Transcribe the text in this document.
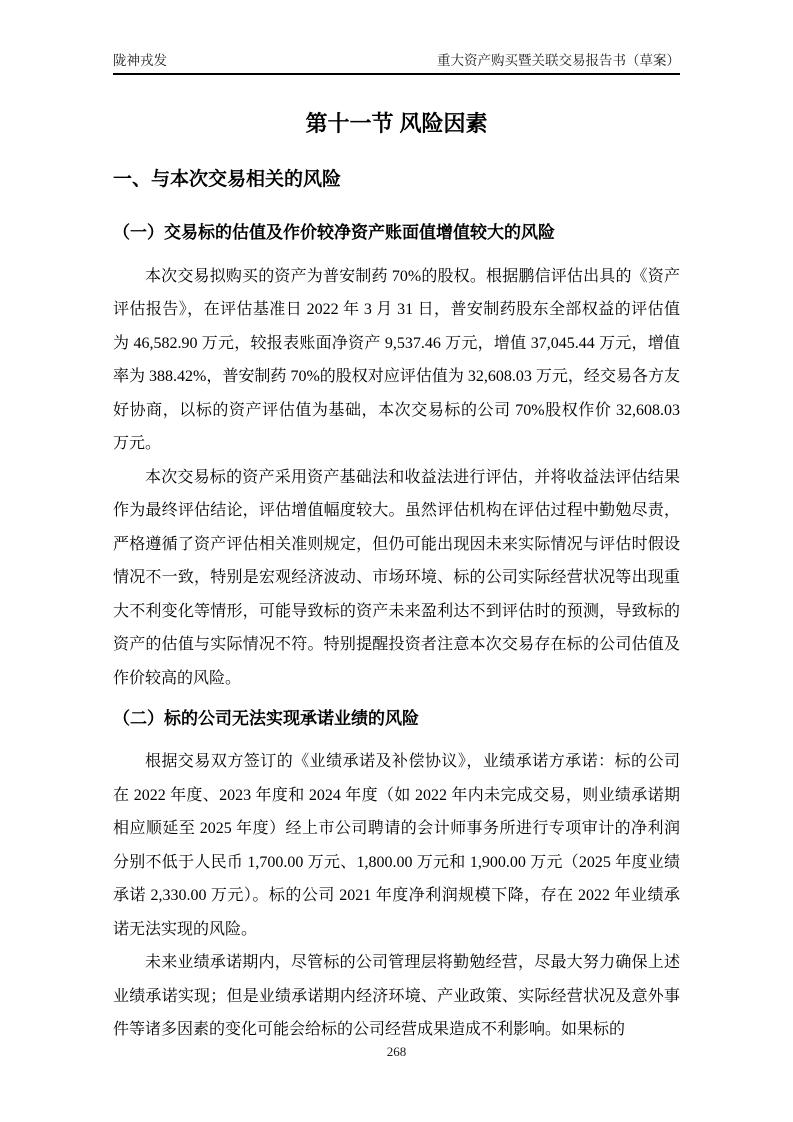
陇神戎发	重大资产购买暨关联交易报告书（草案）
第十一节 风险因素
一、与本次交易相关的风险
（一）交易标的估值及作价较净资产账面值增值较大的风险

本次交易拟购买的资产为普安制药 70%的股权。根据鹏信评估出具的《资产评估报告》，在评估基准日 2022 年 3 月 31 日，普安制药股东全部权益的评估值为 46,582.90 万元，较报表账面净资产 9,537.46 万元，增值 37,045.44 万元，增值率为 388.42%，普安制药 70%的股权对应评估值为 32,608.03 万元，经交易各方友好协商，以标的资产评估值为基础，本次交易标的公司 70%股权作价 32,608.03 万元。

本次交易标的资产采用资产基础法和收益法进行评估，并将收益法评估结果作为最终评估结论，评估增值幅度较大。虽然评估机构在评估过程中勤勉尽责，严格遵循了资产评估相关准则规定，但仍可能出现因未来实际情况与评估时假设情况不一致，特别是宏观经济波动、市场环境、标的公司实际经营状况等出现重大不利变化等情形，可能导致标的资产未来盈利达不到评估时的预测，导致标的资产的估值与实际情况不符。特别提醒投资者注意本次交易存在标的公司估值及作价较高的风险。

（二）标的公司无法实现承诺业绩的风险

根据交易双方签订的《业绩承诺及补偿协议》，业绩承诺方承诺：标的公司在 2022 年度、2023 年度和 2024 年度（如 2022 年内未完成交易，则业绩承诺期相应顺延至 2025 年度）经上市公司聘请的会计师事务所进行专项审计的净利润分别不低于人民币 1,700.00 万元、1,800.00 万元和 1,900.00 万元（2025 年度业绩承诺 2,330.00 万元）。标的公司 2021 年度净利润规模下降，存在 2022 年业绩承诺无法实现的风险。

未来业绩承诺期内，尽管标的公司管理层将勤勉经营，尽最大努力确保上述业绩承诺实现；但是业绩承诺期内经济环境、产业政策、实际经营状况及意外事件等诸多因素的变化可能会给标的公司经营成果造成不利影响。如果标的

268
